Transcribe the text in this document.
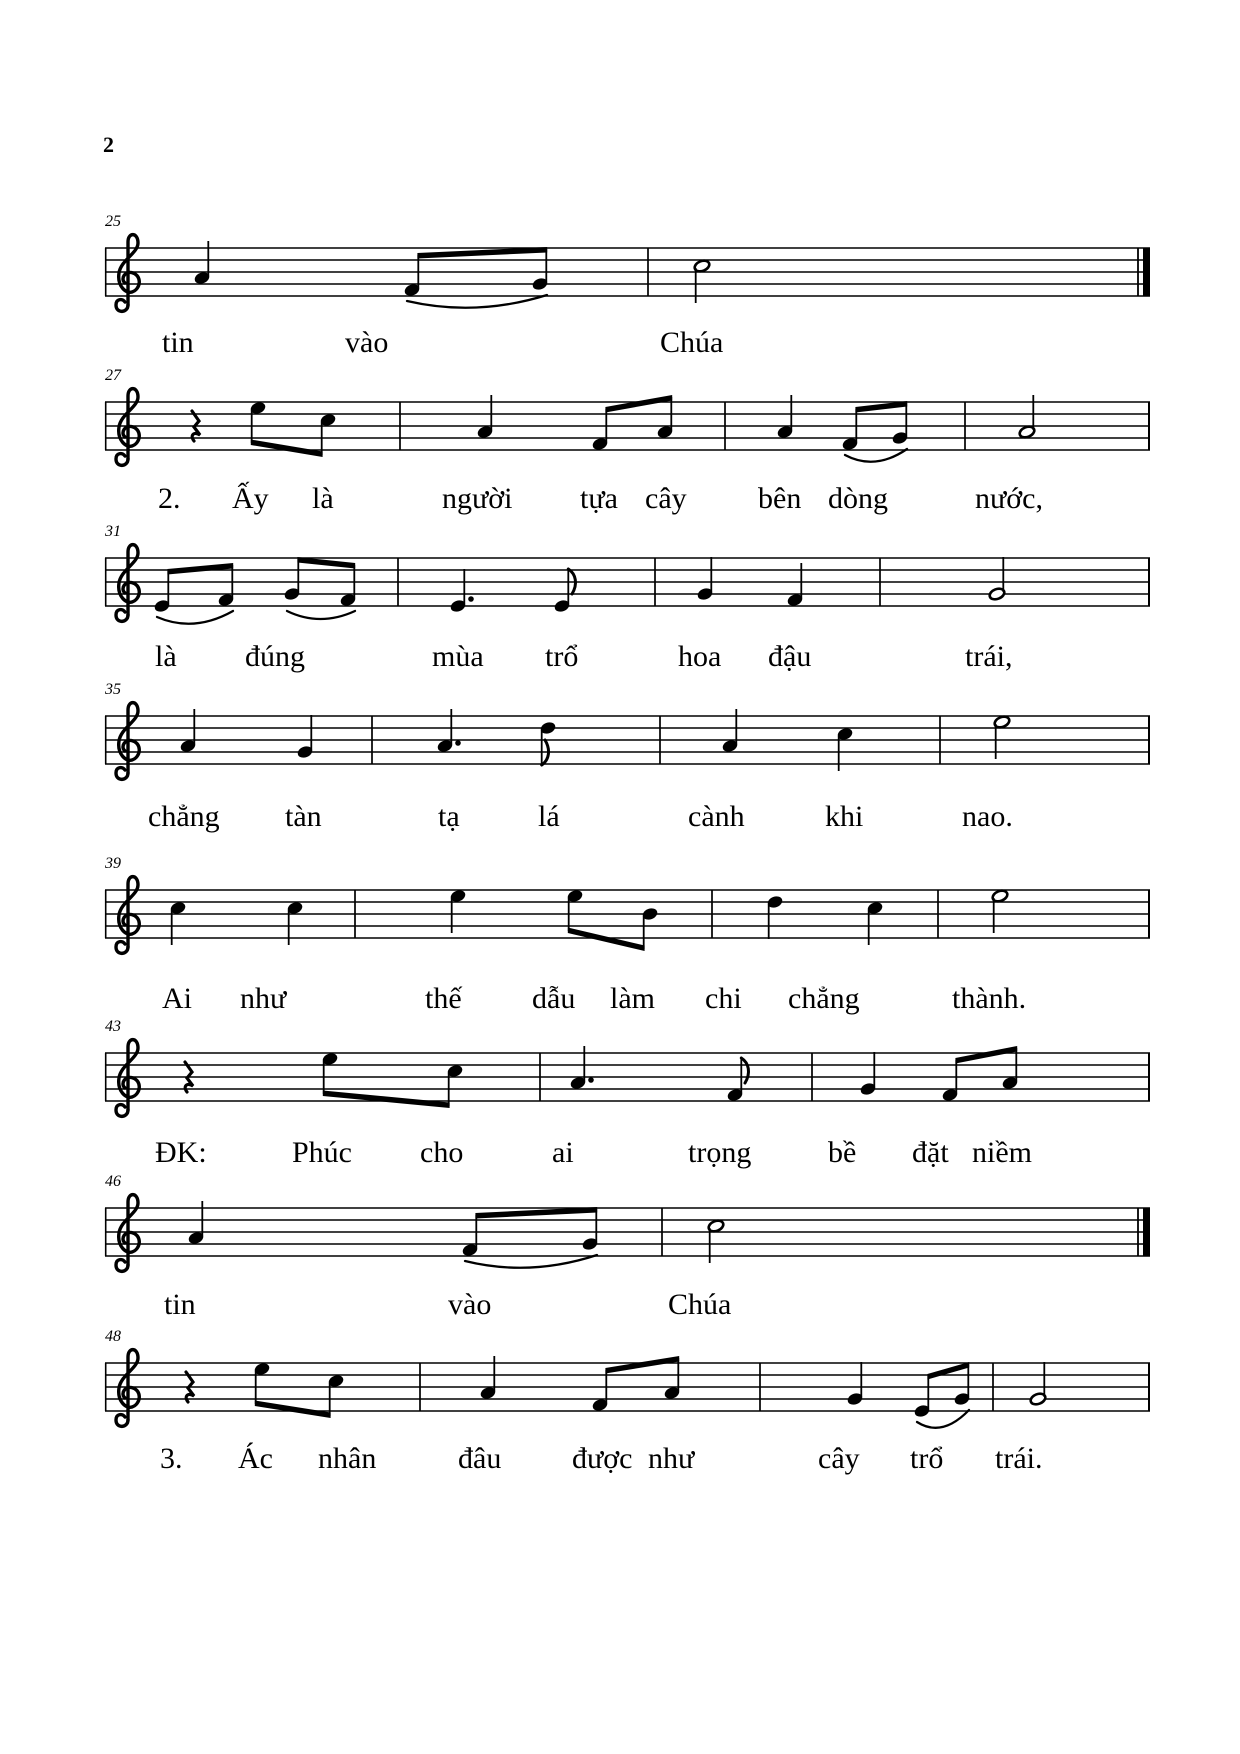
2
25
27
31
35
39
43
46
48
tin	vào	Chúa
2. Ấy là	người tựa cây bên dòng	nước,
là đúng	mùa trổ	hoa đậu	trái,
chẳng tàn	tạ	lá	cành	khi	nao.
Ai như	thế dẫu làm chi chẳng	thành.
ĐK:	Phúc cho	ai	trọng	bề đặt niềm
tin	vào	Chúa
3. Ác nhân	đâu được như	cây trổ trái.
